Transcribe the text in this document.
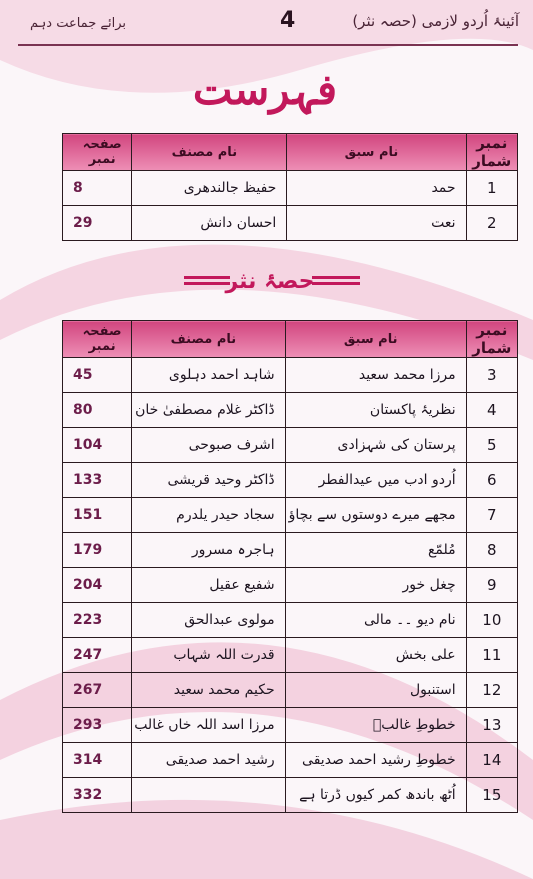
آئینۂ اُردو لازمی (حصہ نثر)
4
برائے جماعت دہم
فہرست
نمبر شمار	نام سبق	نام مصنف	صفحہ نمبر
1	حمد	حفیظ جالندھری	8
2	نعت	احسان دانش	29
حصۂ نثر
نمبر شمار	نام سبق	نام مصنف	صفحہ نمبر
3	مرزا محمد سعید	شاہد احمد دہلوی	45
4	نظریۂ پاکستان	ڈاکٹر غلام مصطفیٰ خان	80
5	پرستان کی شہزادی	اشرف صبوحی	104
6	اُردو ادب میں عیدالفطر	ڈاکٹر وحید قریشی	133
7	مجھے میرے دوستوں سے بچاؤ	سجاد حیدر یلدرم	151
8	مُلمّع	ہاجرہ مسرور	179
9	چغل خور	شفیع عقیل	204
10	نام دیو ۔۔ مالی	مولوی عبدالحق	223
11	علی بخش	قدرت اللہ شہاب	247
12	استنبول	حکیم محمد سعید	267
13	خطوطِ غالبؔ	مرزا اسد اللہ خاں غالب	293
14	خطوطِ رشید احمد صدیقی	رشید احمد صدیقی	314
15	اُٹھ باندھ کمر کیوں ڈرتا ہے		332
